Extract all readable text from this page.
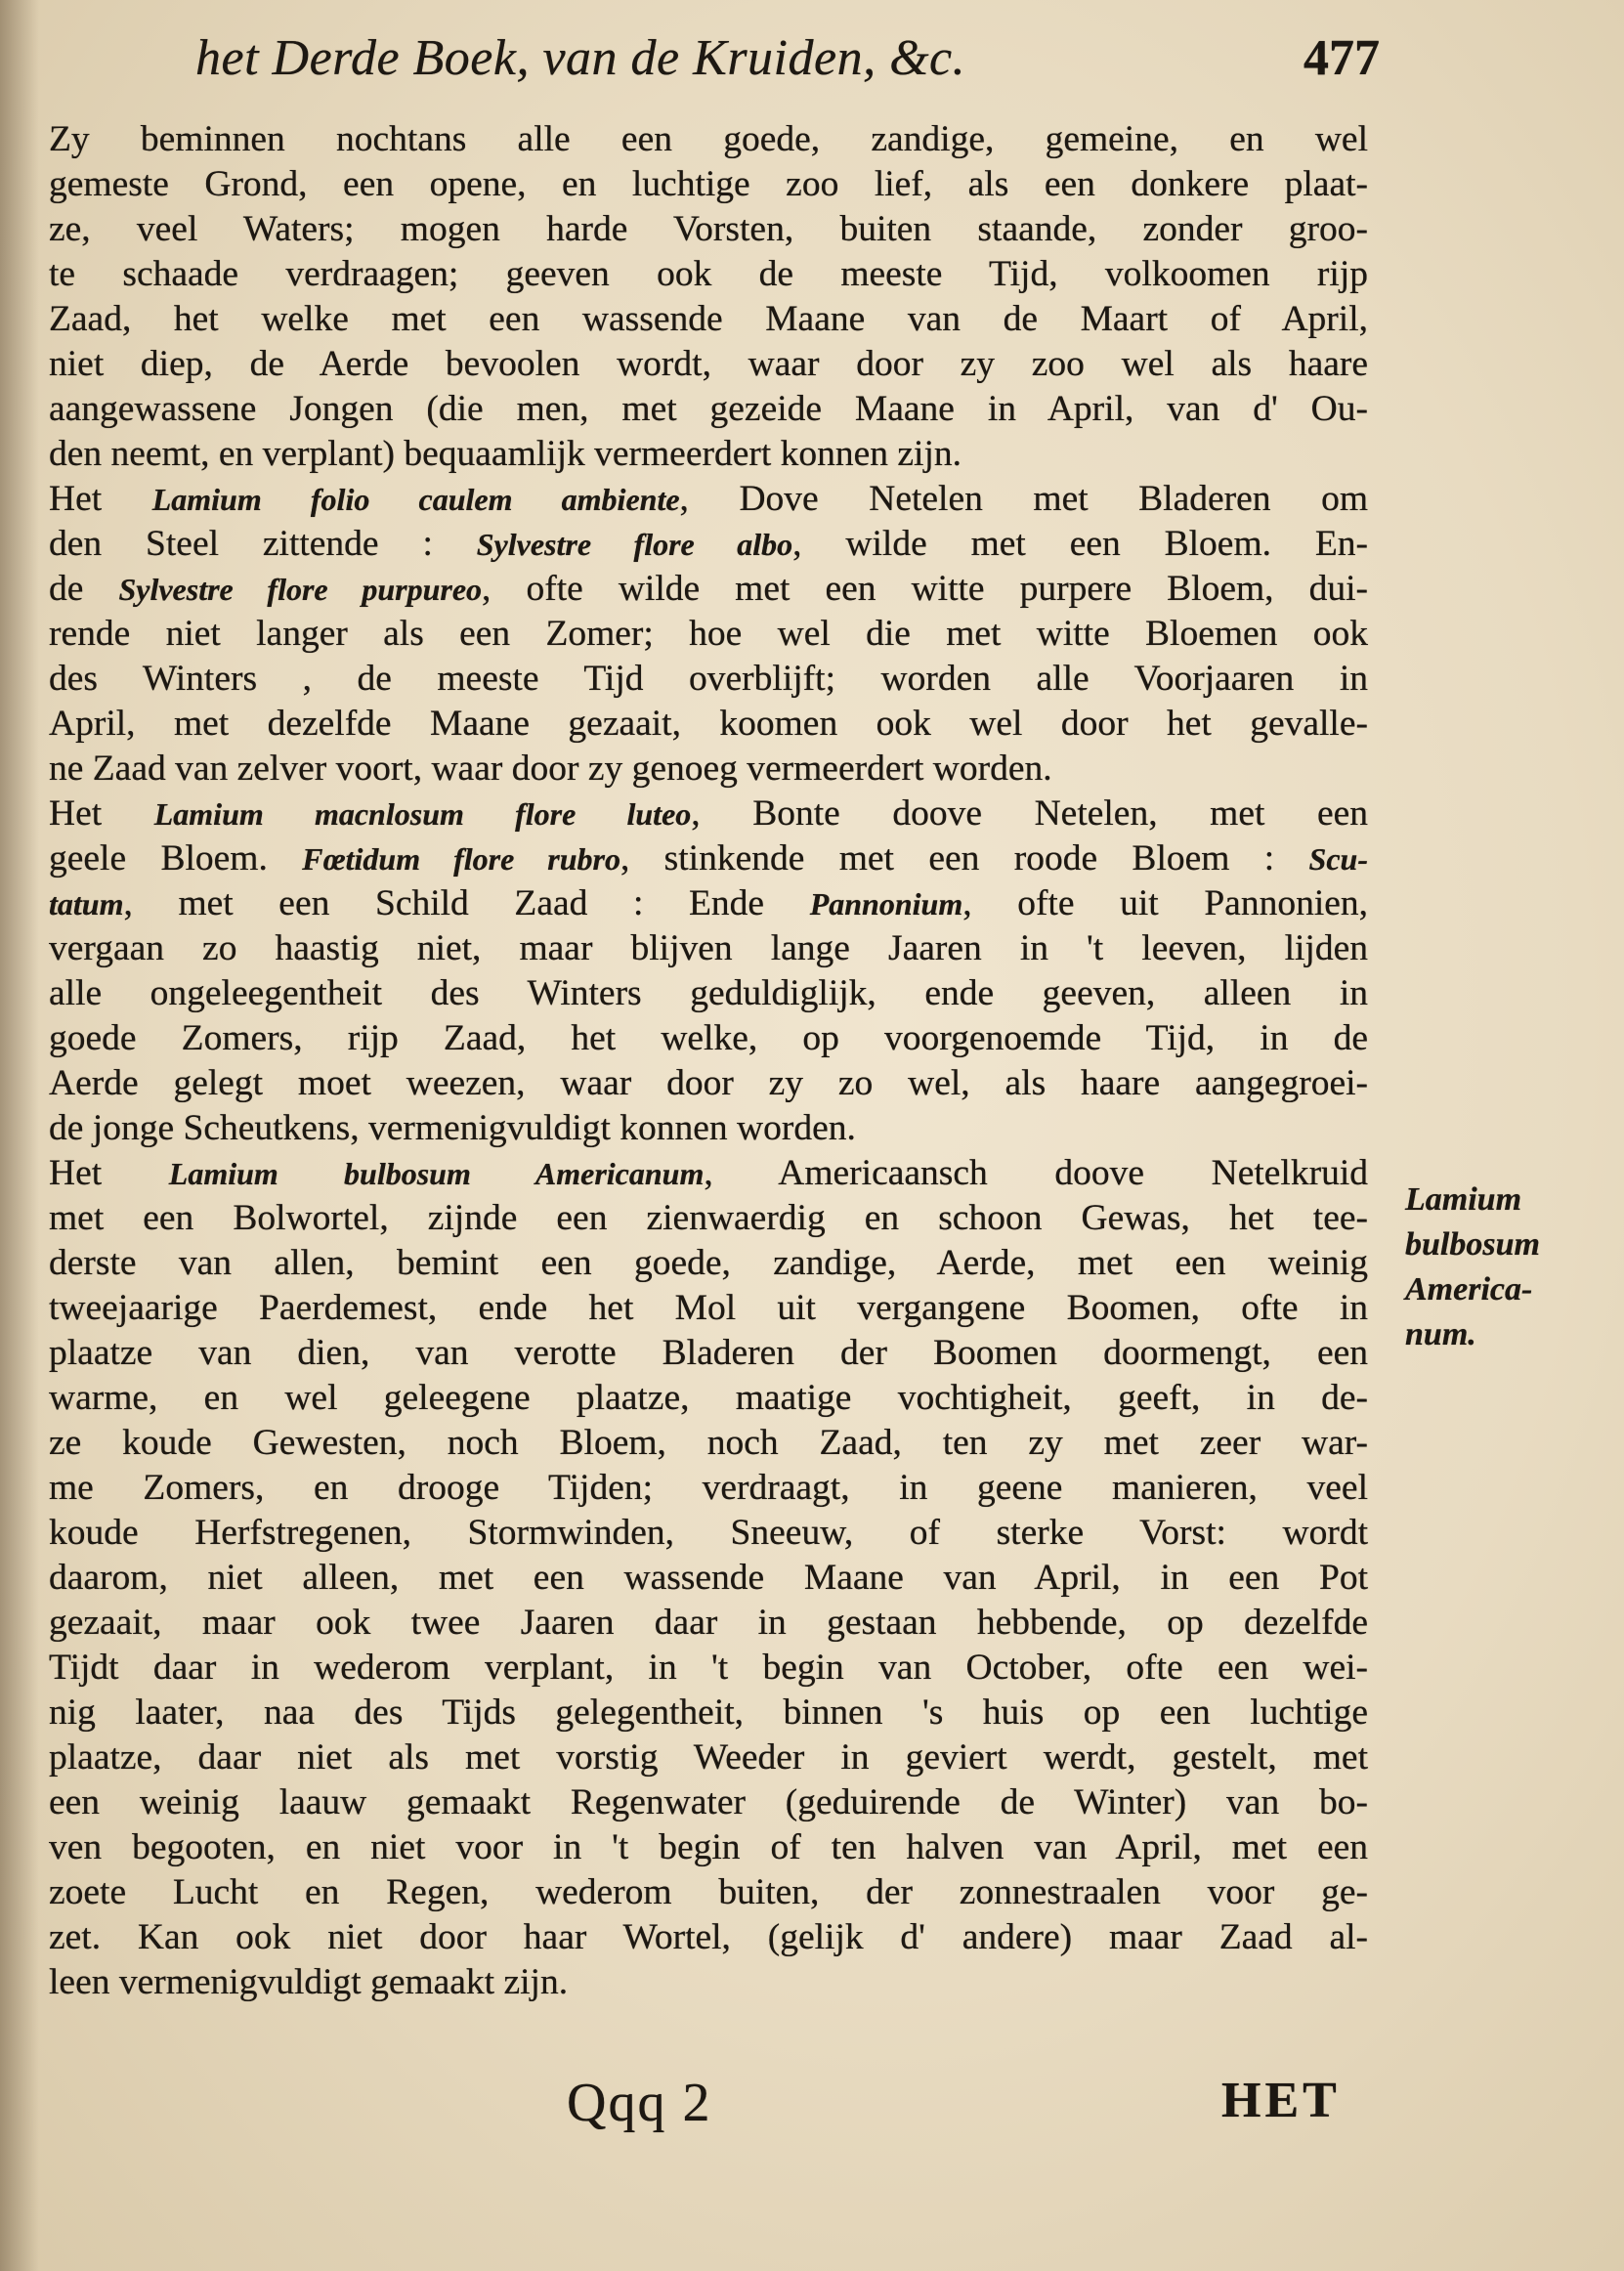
het Derde Boek, van de Kruiden, &c.	477
Zy beminnen nochtans alle een goede, zandige, gemeine, en wel
gemeste Grond, een opene, en luchtige zoo lief, als een donkere plaat-
ze, veel Waters; mogen harde Vorsten, buiten staande, zonder groo-
te schaade verdraagen; geeven ook de meeste Tijd, volkoomen rijp
Zaad, het welke met een wassende Maane van de Maart of April,
niet diep, de Aerde bevoolen wordt, waar door zy zoo wel als haare
aangewassene Jongen (die men, met gezeide Maane in April, van d' Ou-
den neemt, en verplant) bequaamlijk vermeerdert konnen zijn.
Het Lamium folio caulem ambiente, Dove Netelen met Bladeren om
den Steel zittende : Sylvestre flore albo, wilde met een Bloem. En-
de Sylvestre flore purpureo, ofte wilde met een witte purpere Bloem, dui-
rende niet langer als een Zomer; hoe wel die met witte Bloemen ook
des Winters , de meeste Tijd overblijft; worden alle Voorjaaren in
April, met dezelfde Maane gezaait, koomen ook wel door het gevalle-
ne Zaad van zelver voort, waar door zy genoeg vermeerdert worden.
Het Lamium macnlosum flore luteo, Bonte doove Netelen, met een
geele Bloem. Fœtidum flore rubro, stinkende met een roode Bloem : Scu-
tatum, met een Schild Zaad : Ende Pannonium, ofte uit Pannonien,
vergaan zo haastig niet, maar blijven lange Jaaren in 't leeven, lijden
alle ongeleegentheit des Winters geduldiglijk, ende geeven, alleen in
goede Zomers, rijp Zaad, het welke, op voorgenoemde Tijd, in de
Aerde gelegt moet weezen, waar door zy zo wel, als haare aangegroei-
de jonge Scheutkens, vermenigvuldigt konnen worden.
Het Lamium bulbosum Americanum, Americaansch doove Netelkruid
met een Bolwortel, zijnde een zienwaerdig en schoon Gewas, het tee-
derste van allen, bemint een goede, zandige, Aerde, met een weinig
tweejaarige Paerdemest, ende het Mol uit vergangene Boomen, ofte in
plaatze van dien, van verotte Bladeren der Boomen doormengt, een
warme, en wel geleegene plaatze, maatige vochtigheit, geeft, in de-
ze koude Gewesten, noch Bloem, noch Zaad, ten zy met zeer war-
me Zomers, en drooge Tijden; verdraagt, in geene manieren, veel
koude Herfstregenen, Stormwinden, Sneeuw, of sterke Vorst: wordt
daarom, niet alleen, met een wassende Maane van April, in een Pot
gezaait, maar ook twee Jaaren daar in gestaan hebbende, op dezelfde
Tijdt daar in wederom verplant, in 't begin van October, ofte een wei-
nig laater, naa des Tijds gelegentheit, binnen 's huis op een luchtige
plaatze, daar niet als met vorstig Weeder in geviert werdt, gestelt, met
een weinig laauw gemaakt Regenwater (geduirende de Winter) van bo-
ven begooten, en niet voor in 't begin of ten halven van April, met een
zoete Lucht en Regen, wederom buiten, der zonnestraalen voor ge-
zet. Kan ook niet door haar Wortel, (gelijk d' andere) maar Zaad al-
leen vermenigvuldigt gemaakt zijn.
Lamium
bulbosum
America-
num.
Qqq 2	HET
